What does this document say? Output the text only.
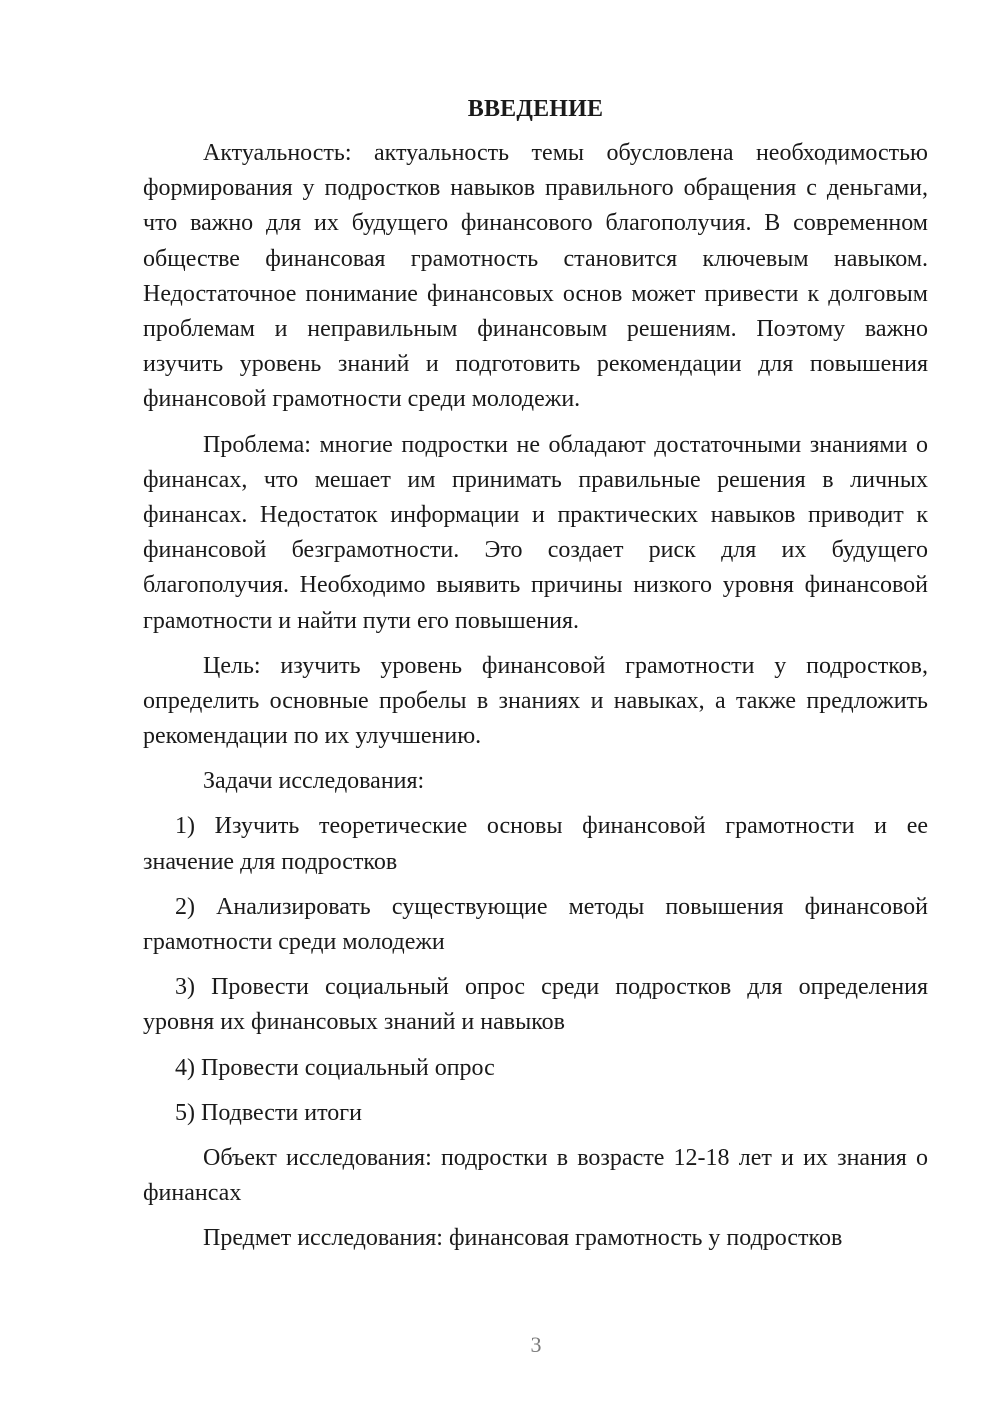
ВВЕДЕНИЕ

Актуальность: актуальность темы обусловлена необходимостью формирования у подростков навыков правильного обращения с деньгами, что важно для их будущего финансового благополучия. В современном обществе финансовая грамотность становится ключевым навыком. Недостаточное понимание финансовых основ может привести к долговым проблемам и неправильным финансовым решениям. Поэтому важно изучить уровень знаний и подготовить рекомендации для повышения финансовой грамотности среди молодежи.

Проблема: многие подростки не обладают достаточными знаниями о финансах, что мешает им принимать правильные решения в личных финансах. Недостаток информации и практических навыков приводит к финансовой безграмотности. Это создает риск для их будущего благополучия. Необходимо выявить причины низкого уровня финансовой грамотности и найти пути его повышения.

Цель: изучить уровень финансовой грамотности у подростков, определить основные пробелы в знаниях и навыках, а также предложить рекомендации по их улучшению.

Задачи исследования:

1) Изучить теоретические основы финансовой грамотности и ее значение для подростков

2) Анализировать существующие методы повышения финансовой грамотности среди молодежи

3) Провести социальный опрос среди подростков для определения уровня их финансовых знаний и навыков

4) Провести социальный опрос

5) Подвести итоги

Объект исследования: подростки в возрасте 12-18 лет и их знания о финансах

Предмет исследования: финансовая грамотность у подростков

3
